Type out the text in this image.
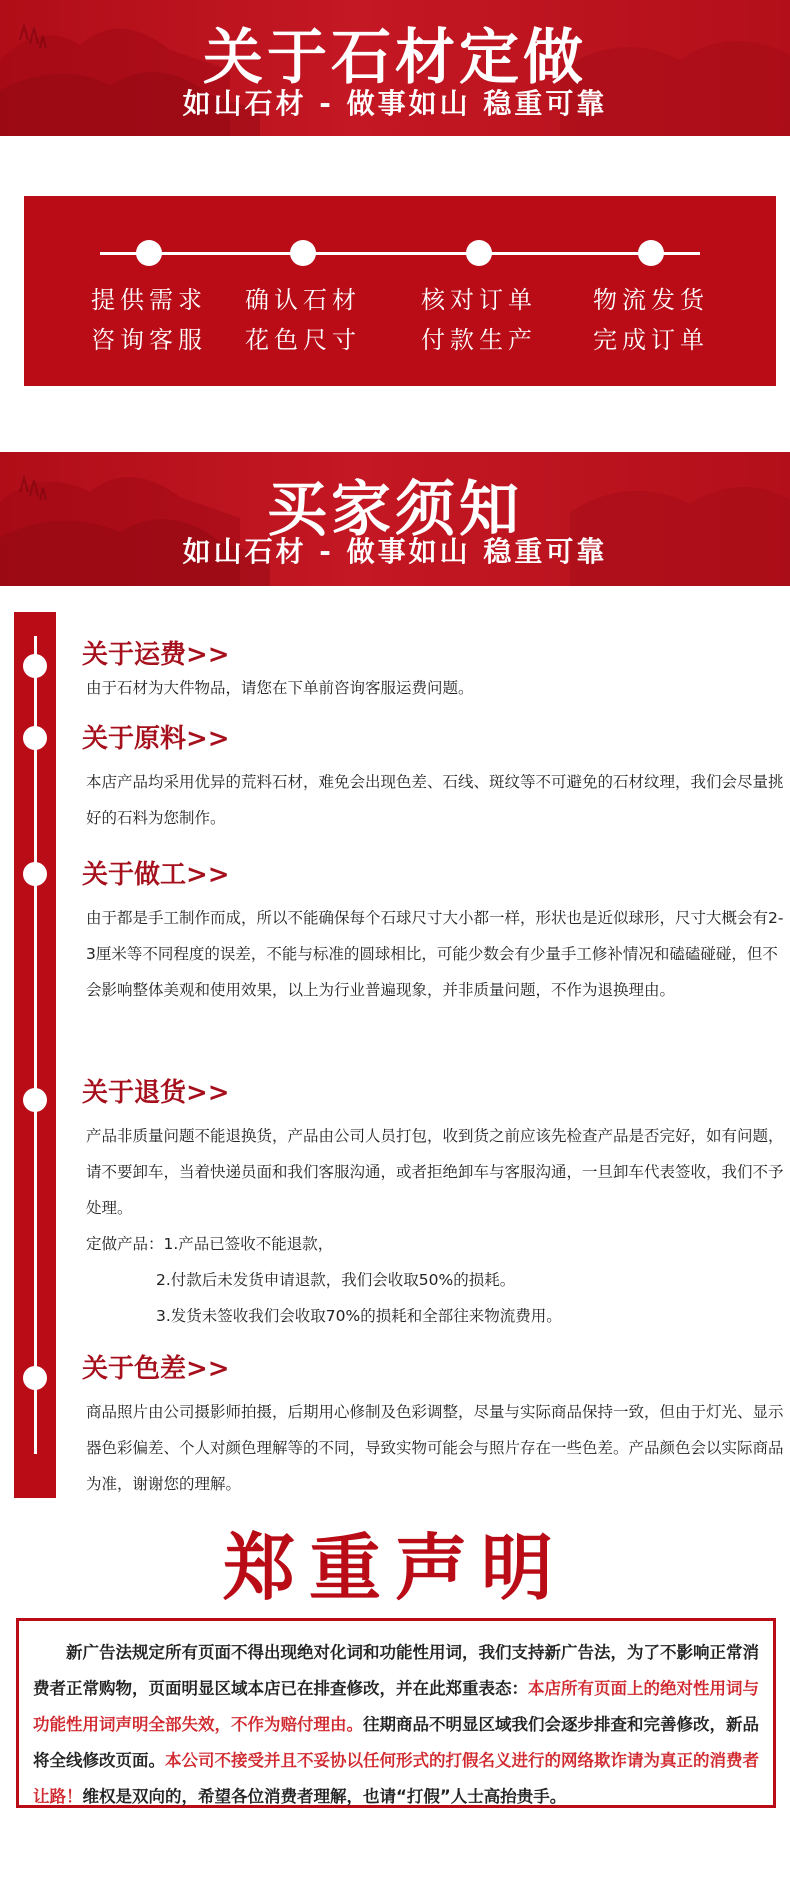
关于石材定做
如山石材 - 做事如山 稳重可靠
提供需求
咨询客服
确认石材
花色尺寸
核对订单
付款生产
物流发货
完成订单
买家须知
如山石材 - 做事如山 稳重可靠
关于运费>>
由于石材为大件物品，请您在下单前咨询客服运费问题。
关于原料>>
本店产品均采用优异的荒料石材，难免会出现色差、石线、斑纹等不可避免的石材纹理，我们会尽量挑好的石料为您制作。
关于做工>>
由于都是手工制作而成，所以不能确保每个石球尺寸大小都一样，形状也是近似球形，尺寸大概会有2-3厘米等不同程度的误差，不能与标准的圆球相比，可能少数会有少量手工修补情况和磕磕碰碰，但不会影响整体美观和使用效果，以上为行业普遍现象，并非质量问题，不作为退换理由。
关于退货>>
产品非质量问题不能退换货，产品由公司人员打包，收到货之前应该先检查产品是否完好，如有问题，请不要卸车，当着快递员面和我们客服沟通，或者拒绝卸车与客服沟通，一旦卸车代表签收，我们不予处理。
定做产品：1.产品已签收不能退款，
2.付款后未发货申请退款，我们会收取50%的损耗。
3.发货未签收我们会收取70%的损耗和全部往来物流费用。
关于色差>>
商品照片由公司摄影师拍摄，后期用心修制及色彩调整，尽量与实际商品保持一致，但由于灯光、显示器色彩偏差、个人对颜色理解等的不同，导致实物可能会与照片存在一些色差。产品颜色会以实际商品为准，谢谢您的理解。
郑重声明

新广告法规定所有页面不得出现绝对化词和功能性用词，我们支持新广告法，为了不影响正常消费者正常购物，页面明显区域本店已在排查修改，并在此郑重表态：本店所有页面上的绝对性用词与功能性用词声明全部失效，不作为赔付理由。往期商品不明显区域我们会逐步排查和完善修改，新品将全线修改页面。本公司不接受并且不妥协以任何形式的打假名义进行的网络欺诈请为真正的消费者让路！维权是双向的，希望各位消费者理解，也请“打假”人士高抬贵手。
